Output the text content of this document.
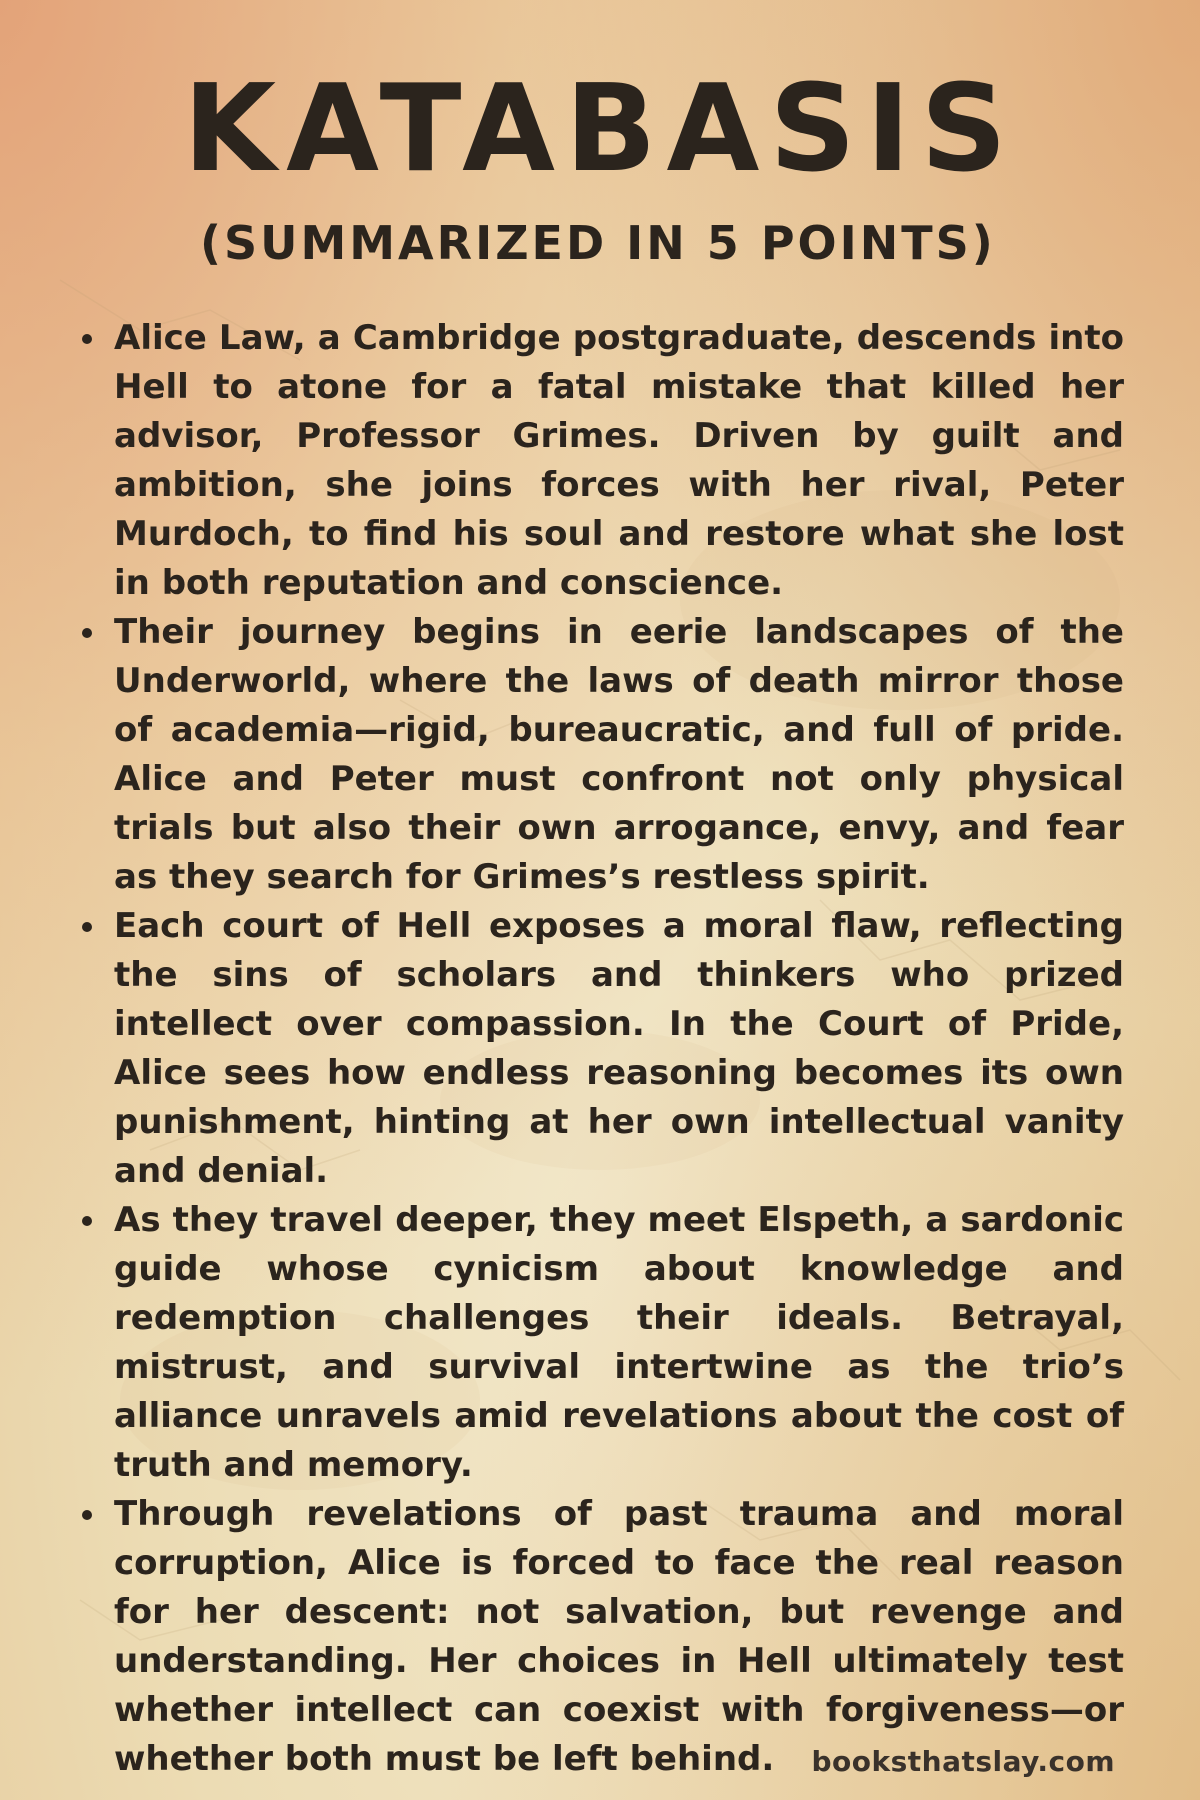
KATABASIS
(SUMMARIZED IN 5 POINTS)
Alice Law, a Cambridge postgraduate, descends into Hell to atone for a fatal mistake that killed her advisor, Professor Grimes. Driven by guilt and ambition, she joins forces with her rival, Peter Murdoch, to find his soul and restore what she lost in both reputation and conscience.
Their journey begins in eerie landscapes of the Underworld, where the laws of death mirror those of academia—rigid, bureaucratic, and full of pride. Alice and Peter must confront not only physical trials but also their own arrogance, envy, and fear as they search for Grimes’s restless spirit.
Each court of Hell exposes a moral flaw, reflecting the sins of scholars and thinkers who prized intellect over compassion. In the Court of Pride, Alice sees how endless reasoning becomes its own punishment, hinting at her own intellectual vanity and denial.
As they travel deeper, they meet Elspeth, a sardonic guide whose cynicism about knowledge and redemption challenges their ideals. Betrayal, mistrust, and survival intertwine as the trio’s alliance unravels amid revelations about the cost of truth and memory.
Through revelations of past trauma and moral corruption, Alice is forced to face the real reason for her descent: not salvation, but revenge and understanding. Her choices in Hell ultimately test whether intellect can coexist with forgiveness—or whether both must be left behind.	booksthatslay.com
